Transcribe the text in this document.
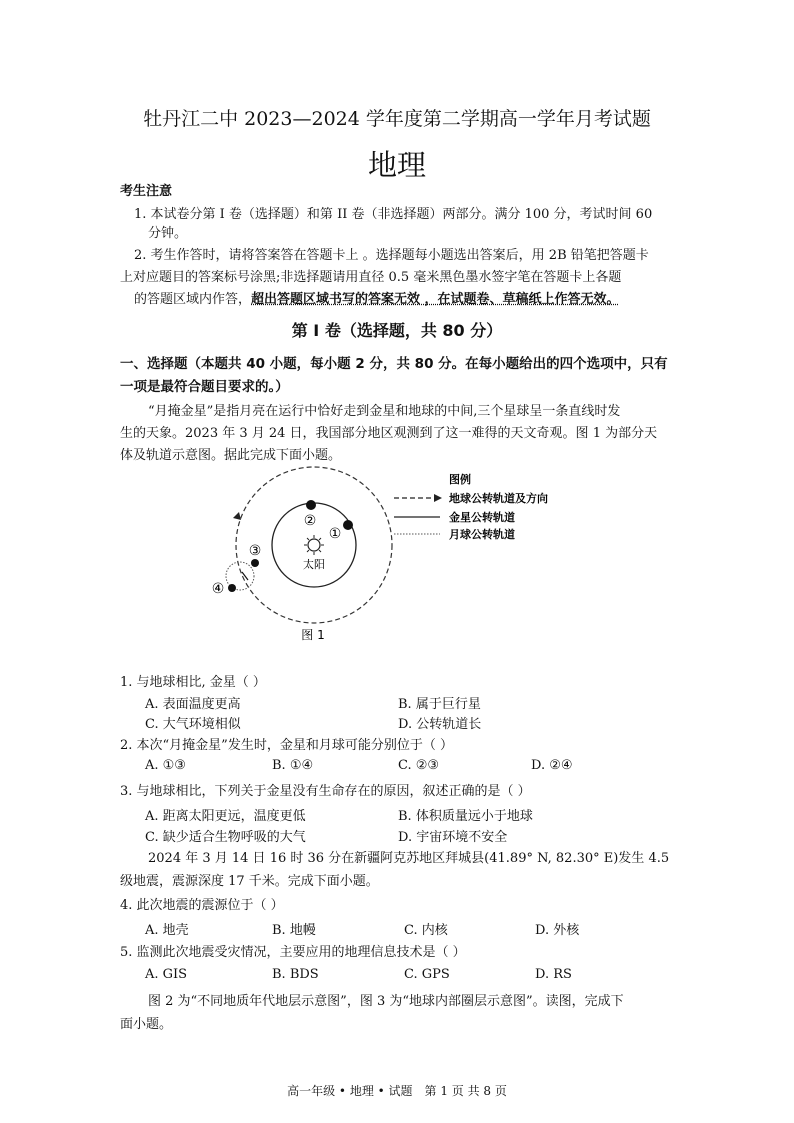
牡丹江二中 2023—2024 学年度第二学期高一学年月考试题
地理
考生注意
1. 本试卷分第 I 卷（选择题）和第 II 卷（非选择题）两部分。满分 100 分，考试时间 60
分钟。
2. 考生作答时，请将答案答在答题卡上 。选择题每小题选出答案后，用 2B 铅笔把答题卡
上对应题目的答案标号涂黑;非选择题请用直径 0.5 毫米黑色墨水签字笔在答题卡上各题
的答题区域内作答，超出答题区域书写的答案无效 ，在试题卷、草稿纸上作答无效。
第 I 卷（选择题，共 80 分）
一、选择题（本题共 40 小题，每小题 2 分，共 80 分。在每小题给出的四个选项中，只有
一项是最符合题目要求的。）
“月掩金星”是指月亮在运行中恰好走到金星和地球的中间,三个星球呈一条直线时发
生的天象。2023 年 3 月 24 日，我国部分地区观测到了这一难得的天文奇观。图 1 为部分天
体及轨道示意图。据此完成下面小题。
太阳
②
①
③
④
图例
地球公转轨道及方向
金星公转轨道
月球公转轨道
图 1
1. 与地球相比, 金星（ ）
A. 表面温度更高	B. 属于巨行星
C. 大气环境相似	D. 公转轨道长
2. 本次“月掩金星”发生时，金星和月球可能分别位于（ ）
A. ①③	B. ①④	C. ②③	D. ②④
3. 与地球相比，下列关于金星没有生命存在的原因，叙述正确的是（ ）
A. 距离太阳更远，温度更低	B. 体积质量远小于地球
C. 缺少适合生物呼吸的大气	D. 宇宙环境不安全
2024 年 3 月 14 日 16 时 36 分在新疆阿克苏地区拜城县(41.89° N, 82.30° E)发生 4.5
级地震，震源深度 17 千米。完成下面小题。
4. 此次地震的震源位于（ ）
A. 地壳	B. 地幔	C. 内核	D. 外核
5. 监测此次地震受灾情况，主要应用的地理信息技术是（ ）
A. GIS	B. BDS	C. GPS	D. RS
图 2 为“不同地质年代地层示意图”，图 3 为“地球内部圈层示意图”。读图，完成下
面小题。
高一年级 • 地理 • 试题　第 1 页 共 8 页
